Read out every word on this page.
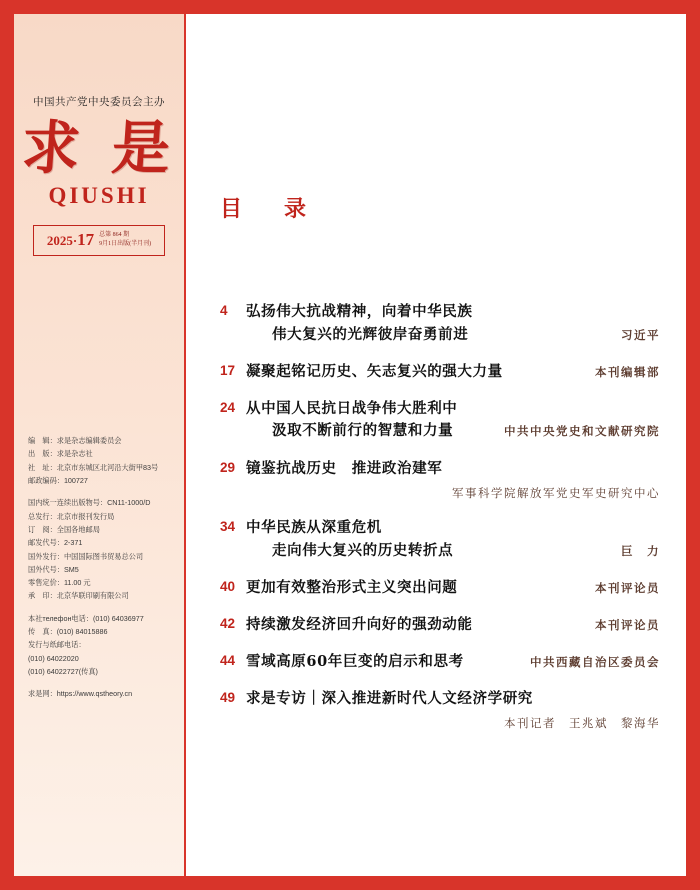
中国共产党中央委员会主办
求 是
QIUSHI
2025·17 总第 864 期
9月1日出版(半月刊)
编　辑：求是杂志编辑委员会
出　版：求是杂志社
社　址：北京市东城区北河沿大街甲83号
邮政编码：100727
国内统一连续出版物号：CN11-1000/D
总发行：北京市报刊发行局
订　阅：全国各地邮局
邮发代号：2-371
国外发行：中国国际图书贸易总公司
国外代号：SM5
零售定价：11.00 元
承　印：北京华联印刷有限公司
本社телефон电话：(010) 64036977
传　真：(010) 84015886
发行与纸邮电话：
(010) 64022020
(010) 64022727(传真)
求是网：https://www.qstheory.cn
目　录
4	弘扬伟大抗战精神，向着中华民族
伟大复兴的光辉彼岸奋勇前进	习近平
17 凝聚起铭记历史、矢志复兴的强大力量	本刊编辑部
24 从中国人民抗日战争伟大胜利中
汲取不断前行的智慧和力量	中共中央党史和文献研究院
29 镜鉴抗战历史　推进政治建军
军事科学院解放军党史军史研究中心
34 中华民族从深重危机
走向伟大复兴的历史转折点	巨　力
40 更加有效整治形式主义突出问题	本刊评论员
42 持续激发经济回升向好的强劲动能	本刊评论员
44 雪域高原60年巨变的启示和思考	中共西藏自治区委员会
49 求是专访｜深入推进新时代人文经济学研究
本刊记者　王兆斌　黎海华
